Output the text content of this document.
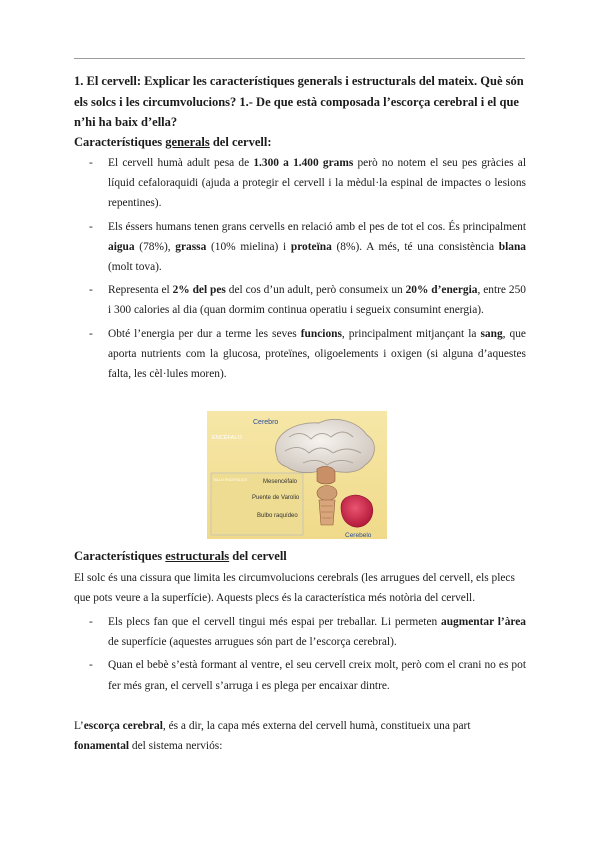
1. El cervell: Explicar les característiques generals i estructurals del mateix. Què són els solcs i les circumvolucions? 1.- De que està composada l’escorça cerebral i el que n’hi ha baix d’ella?

Característiques generals del cervell:

- El cervell humà adult pesa de 1.300 a 1.400 grams però no notem el seu pes gràcies al líquid cefaloraquidi (ajuda a protegir el cervell i la mèdul·la espinal de impactes o lesions repentines).
- Els éssers humans tenen grans cervells en relació amb el pes de tot el cos. És principalment aigua (78%), grassa (10% mielina) i proteïna (8%). A més, té una consistència blana (molt tova).
- Representa el 2% del pes del cos d’un adult, però consumeix un 20% d’energia, entre 250 i 300 calories al dia (quan dormim continua operatiu i segueix consumint energia).
- Obté l’energia per dur a terme les seves funcions, principalment mitjançant la sang, que aporta nutrients com la glucosa, proteïnes, oligoelements i oxigen (si alguna d’aquestes falta, les cèl·lules moren).
Cerebro
ENCÉFALO
TALLO ENCEFÁLICO	Mesencéfalo
Puente de Varolio
Bulbo raquídeo
Cerebelo

Característiques estructurals del cervell

El solc és una cissura que limita les circumvolucions cerebrals (les arrugues del cervell, els plecs que pots veure a la superfície). Aquests plecs és la característica més notòria del cervell.

- Els plecs fan que el cervell tingui més espai per treballar. Li permeten augmentar l’àrea de superfície (aquestes arrugues són part de l’escorça cerebral).
- Quan el bebè s’està formant al ventre, el seu cervell creix molt, però com el crani no es pot fer més gran, el cervell s’arruga i es plega per encaixar dintre.

L’escorça cerebral, és a dir, la capa més externa del cervell humà, constitueix una part fonamental del sistema nerviós:
